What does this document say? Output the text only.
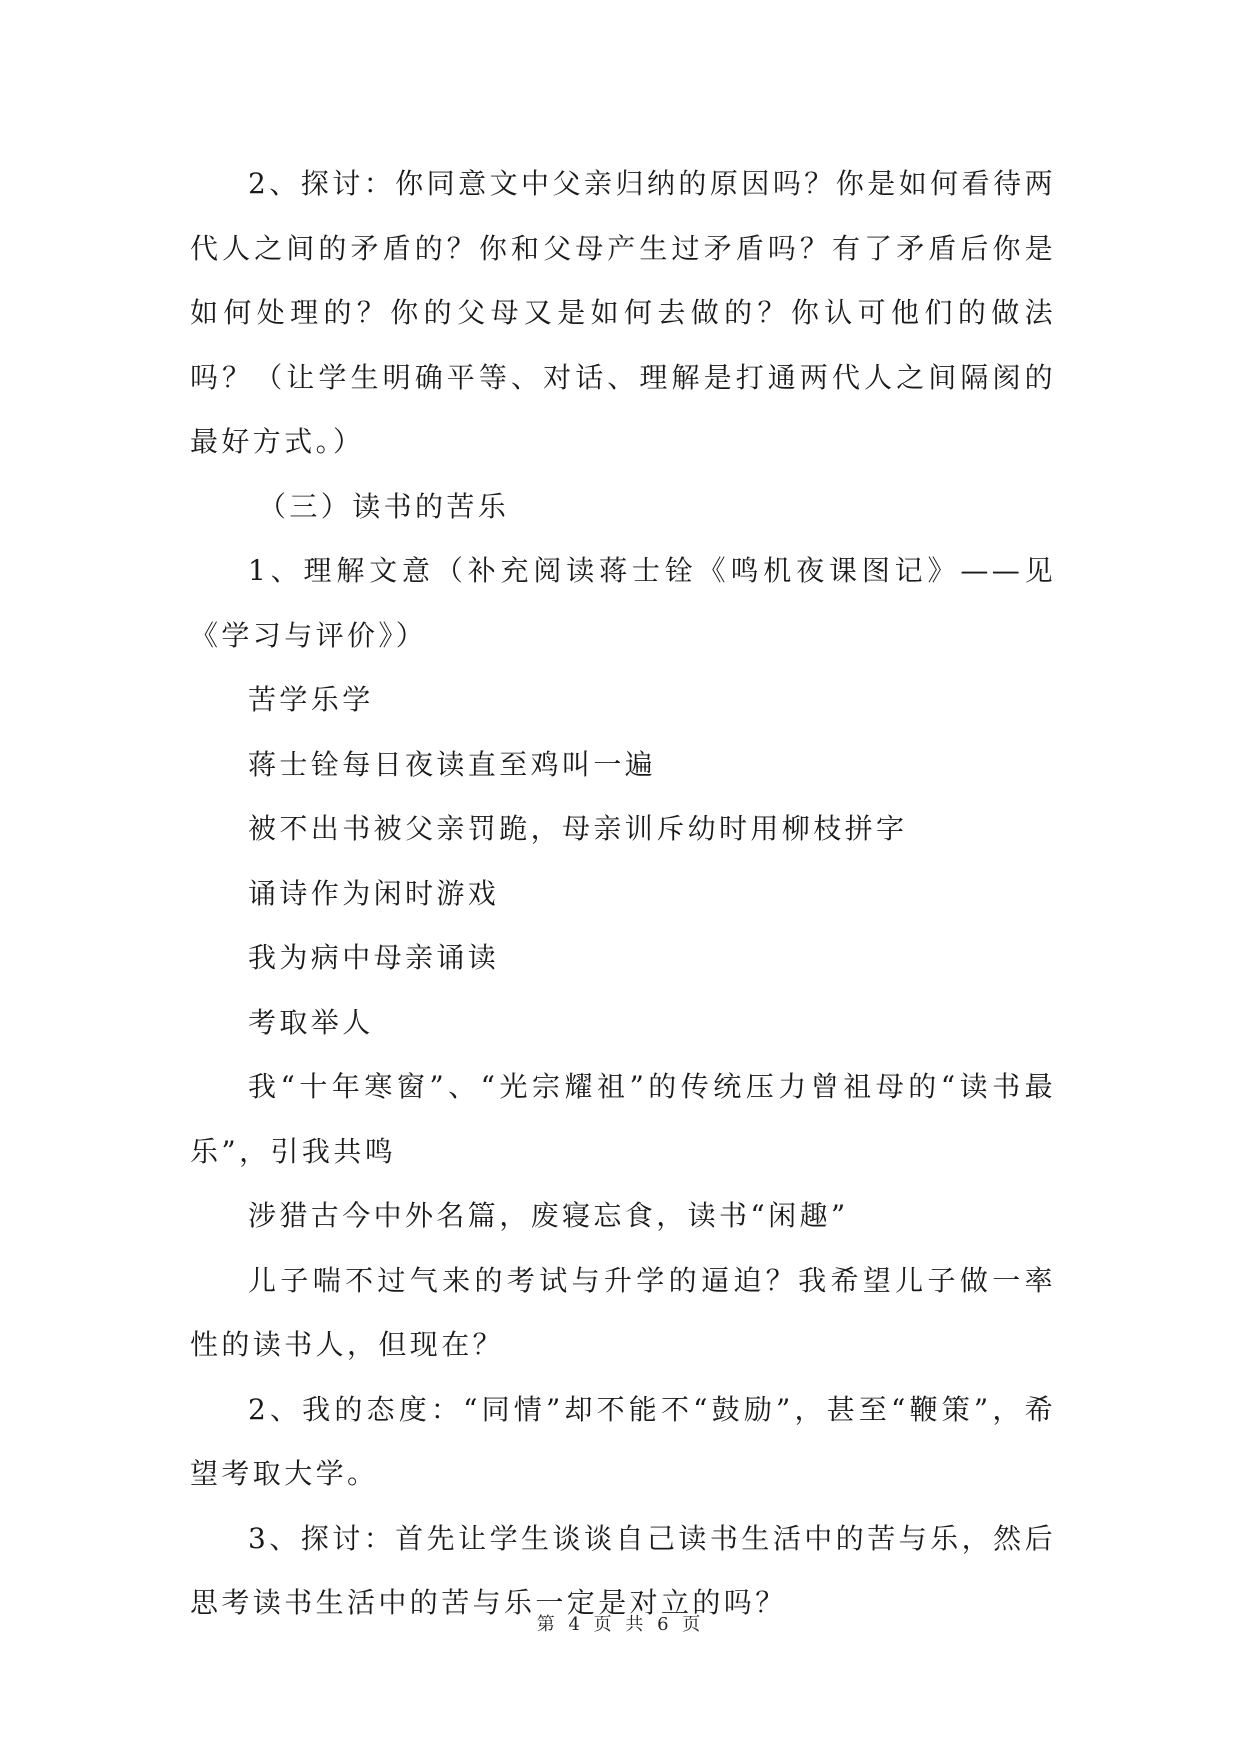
2、探讨：你同意文中父亲归纳的原因吗？你是如何看待两代人之间的矛盾的？你和父母产生过矛盾吗？有了矛盾后你是如何处理的？你的父母又是如何去做的？你认可他们的做法吗？（让学生明确平等、对话、理解是打通两代人之间隔阂的最好方式。）

（三）读书的苦乐

1、理解文意（补充阅读蒋士铨《鸣机夜课图记》——见《学习与评价》）

苦学乐学

蒋士铨每日夜读直至鸡叫一遍

被不出书被父亲罚跪，母亲训斥幼时用柳枝拼字

诵诗作为闲时游戏

我为病中母亲诵读

考取举人

我“十年寒窗”、“光宗耀祖”的传统压力曾祖母的“读书最乐”，引我共鸣

涉猎古今中外名篇，废寝忘食，读书“闲趣”

儿子喘不过气来的考试与升学的逼迫？我希望儿子做一率性的读书人，但现在？

2、我的态度：“同情”却不能不“鼓励”，甚至“鞭策”，希望考取大学。

3、探讨：首先让学生谈谈自己读书生活中的苦与乐，然后思考读书生活中的苦与乐一定是对立的吗？

第 4 页 共 6 页
